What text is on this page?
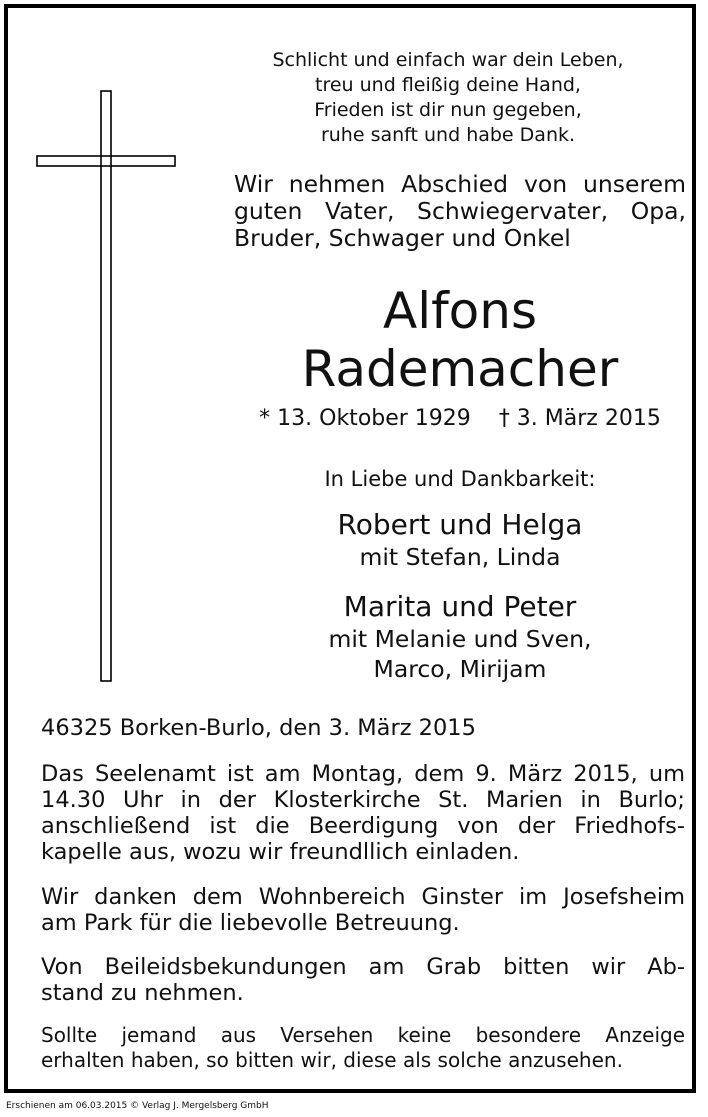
Schlicht und einfach war dein Leben,
treu und fleißig deine Hand,
Frieden ist dir nun gegeben,
ruhe sanft und habe Dank.
Wir nehmen Abschied von unserem
guten Vater, Schwiegervater, Opa,
Bruder, Schwager und Onkel
Alfons
Rademacher
* 13. Oktober 1929 † 3. März 2015
In Liebe und Dankbarkeit:
Robert und Helga
mit Stefan, Linda
Marita und Peter
mit Melanie und Sven,
Marco, Mirijam
46325 Borken-Burlo, den 3. März 2015
Das Seelenamt ist am Montag, dem 9. März 2015, um
14.30 Uhr in der Klosterkirche St. Marien in Burlo;
anschließend ist die Beerdigung von der Friedhofs-
kapelle aus, wozu wir freundllich einladen.
Wir danken dem Wohnbereich Ginster im Josefsheim
am Park für die liebevolle Betreuung.
Von Beileidsbekundungen am Grab bitten wir Ab-
stand zu nehmen.
Sollte jemand aus Versehen keine besondere Anzeige
erhalten haben, so bitten wir, diese als solche anzusehen.
Erschienen am 06.03.2015 © Verlag J. Mergelsberg GmbH
